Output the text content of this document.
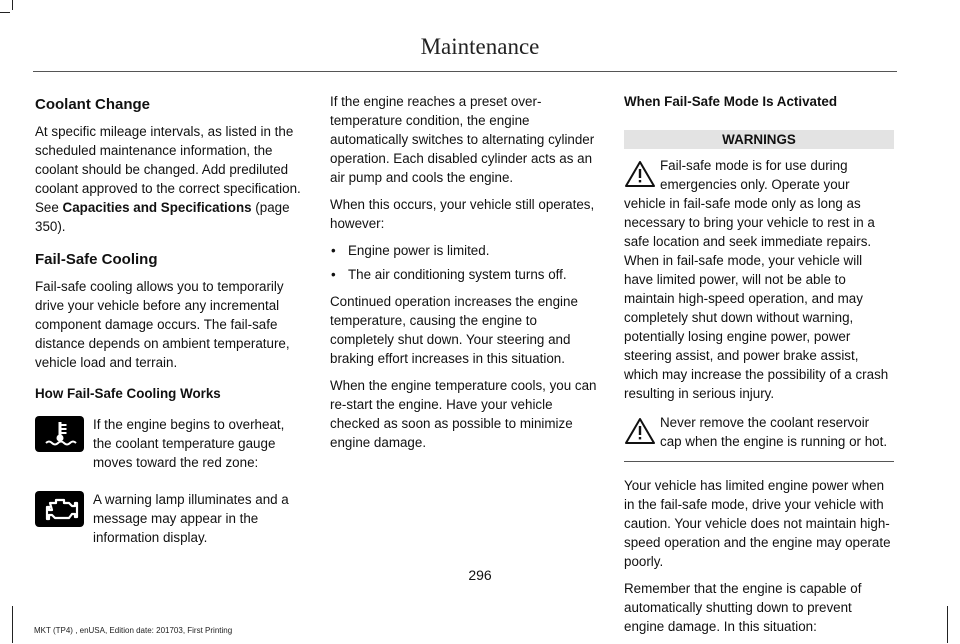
Maintenance
Coolant Change

At specific mileage intervals, as listed in the scheduled maintenance information, the coolant should be changed. Add prediluted coolant approved to the correct specification. See Capacities and Specifications (page 350).

Fail-Safe Cooling

Fail-safe cooling allows you to temporarily drive your vehicle before any incremental component damage occurs. The fail-safe distance depends on ambient temperature, vehicle load and terrain.

How Fail-Safe Cooling Works
If the engine begins to overheat, the coolant temperature gauge moves toward the red zone:
A warning lamp illuminates and a message may appear in the information display.

If the engine reaches a preset over-temperature condition, the engine automatically switches to alternating cylinder operation. Each disabled cylinder acts as an air pump and cools the engine.

When this occurs, your vehicle still operates, however:

• Engine power is limited.
• The air conditioning system turns off.

Continued operation increases the engine temperature, causing the engine to completely shut down. Your steering and braking effort increases in this situation.

When the engine temperature cools, you can re-start the engine. Have your vehicle checked as soon as possible to minimize engine damage.

When Fail-Safe Mode Is Activated
WARNINGS
Fail-safe mode is for use during emergencies only. Operate your vehicle in fail-safe mode only as long as necessary to bring your vehicle to rest in a safe location and seek immediate repairs. When in fail-safe mode, your vehicle will have limited power, will not be able to maintain high-speed operation, and may completely shut down without warning, potentially losing engine power, power steering assist, and power brake assist, which may increase the possibility of a crash resulting in serious injury.
Never remove the coolant reservoir cap when the engine is running or hot.

Your vehicle has limited engine power when in the fail-safe mode, drive your vehicle with caution. Your vehicle does not maintain high-speed operation and the engine may operate poorly.

Remember that the engine is capable of automatically shutting down to prevent engine damage. In this situation:

296
MKT (TP4) , enUSA, Edition date: 201703, First Printing
